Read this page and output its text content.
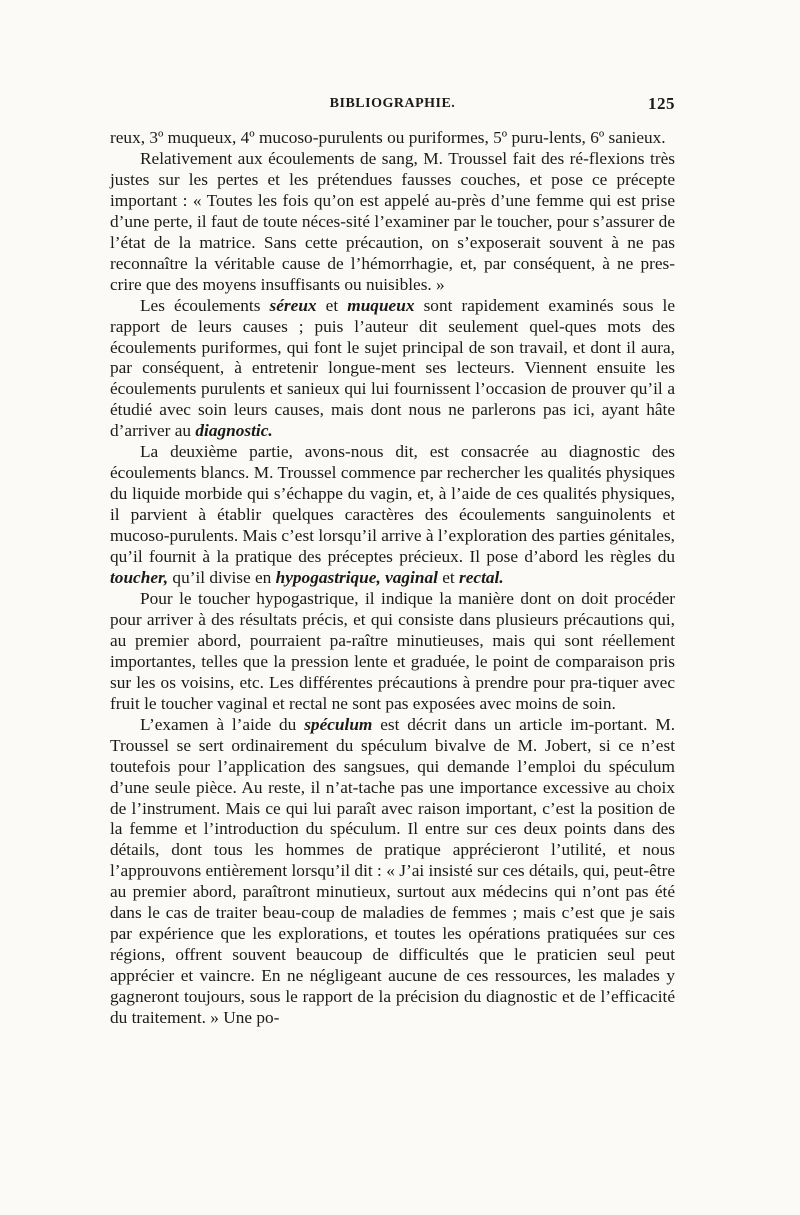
BIBLIOGRAPHIE.	125

reux, 3º muqueux, 4º mucoso-purulents ou puriformes, 5º puru-lents, 6º sanieux.

Relativement aux écoulements de sang, M. Troussel fait des ré-flexions très justes sur les pertes et les prétendues fausses couches, et pose ce précepte important : « Toutes les fois qu’on est appelé au-près d’une femme qui est prise d’une perte, il faut de toute néces-sité l’examiner par le toucher, pour s’assurer de l’état de la matrice. Sans cette précaution, on s’exposerait souvent à ne pas reconnaître la véritable cause de l’hémorrhagie, et, par conséquent, à ne pres-crire que des moyens insuffisants ou nuisibles. »

Les écoulements séreux et muqueux sont rapidement examinés sous le rapport de leurs causes ; puis l’auteur dit seulement quel-ques mots des écoulements puriformes, qui font le sujet principal de son travail, et dont il aura, par conséquent, à entretenir longue-ment ses lecteurs. Viennent ensuite les écoulements purulents et sanieux qui lui fournissent l’occasion de prouver qu’il a étudié avec soin leurs causes, mais dont nous ne parlerons pas ici, ayant hâte d’arriver au diagnostic.

La deuxième partie, avons-nous dit, est consacrée au diagnostic des écoulements blancs. M. Troussel commence par rechercher les qualités physiques du liquide morbide qui s’échappe du vagin, et, à l’aide de ces qualités physiques, il parvient à établir quelques caractères des écoulements sanguinolents et mucoso-purulents. Mais c’est lorsqu’il arrive à l’exploration des parties génitales, qu’il fournit à la pratique des préceptes précieux. Il pose d’abord les règles du toucher, qu’il divise en hypogastrique, vaginal et rectal.

Pour le toucher hypogastrique, il indique la manière dont on doit procéder pour arriver à des résultats précis, et qui consiste dans plusieurs précautions qui, au premier abord, pourraient pa-raître minutieuses, mais qui sont réellement importantes, telles que la pression lente et graduée, le point de comparaison pris sur les os voisins, etc. Les différentes précautions à prendre pour pra-tiquer avec fruit le toucher vaginal et rectal ne sont pas exposées avec moins de soin.

L’examen à l’aide du spéculum est décrit dans un article im-portant. M. Troussel se sert ordinairement du spéculum bivalve de M. Jobert, si ce n’est toutefois pour l’application des sangsues, qui demande l’emploi du spéculum d’une seule pièce. Au reste, il n’at-tache pas une importance excessive au choix de l’instrument. Mais ce qui lui paraît avec raison important, c’est la position de la femme et l’introduction du spéculum. Il entre sur ces deux points dans des détails, dont tous les hommes de pratique apprécieront l’utilité, et nous l’approuvons entièrement lorsqu’il dit : « J’ai insisté sur ces détails, qui, peut-être au premier abord, paraîtront minutieux, surtout aux médecins qui n’ont pas été dans le cas de traiter beau-coup de maladies de femmes ; mais c’est que je sais par expérience que les explorations, et toutes les opérations pratiquées sur ces régions, offrent souvent beaucoup de difficultés que le praticien seul peut apprécier et vaincre. En ne négligeant aucune de ces ressources, les malades y gagneront toujours, sous le rapport de la précision du diagnostic et de l’efficacité du traitement. » Une po-
